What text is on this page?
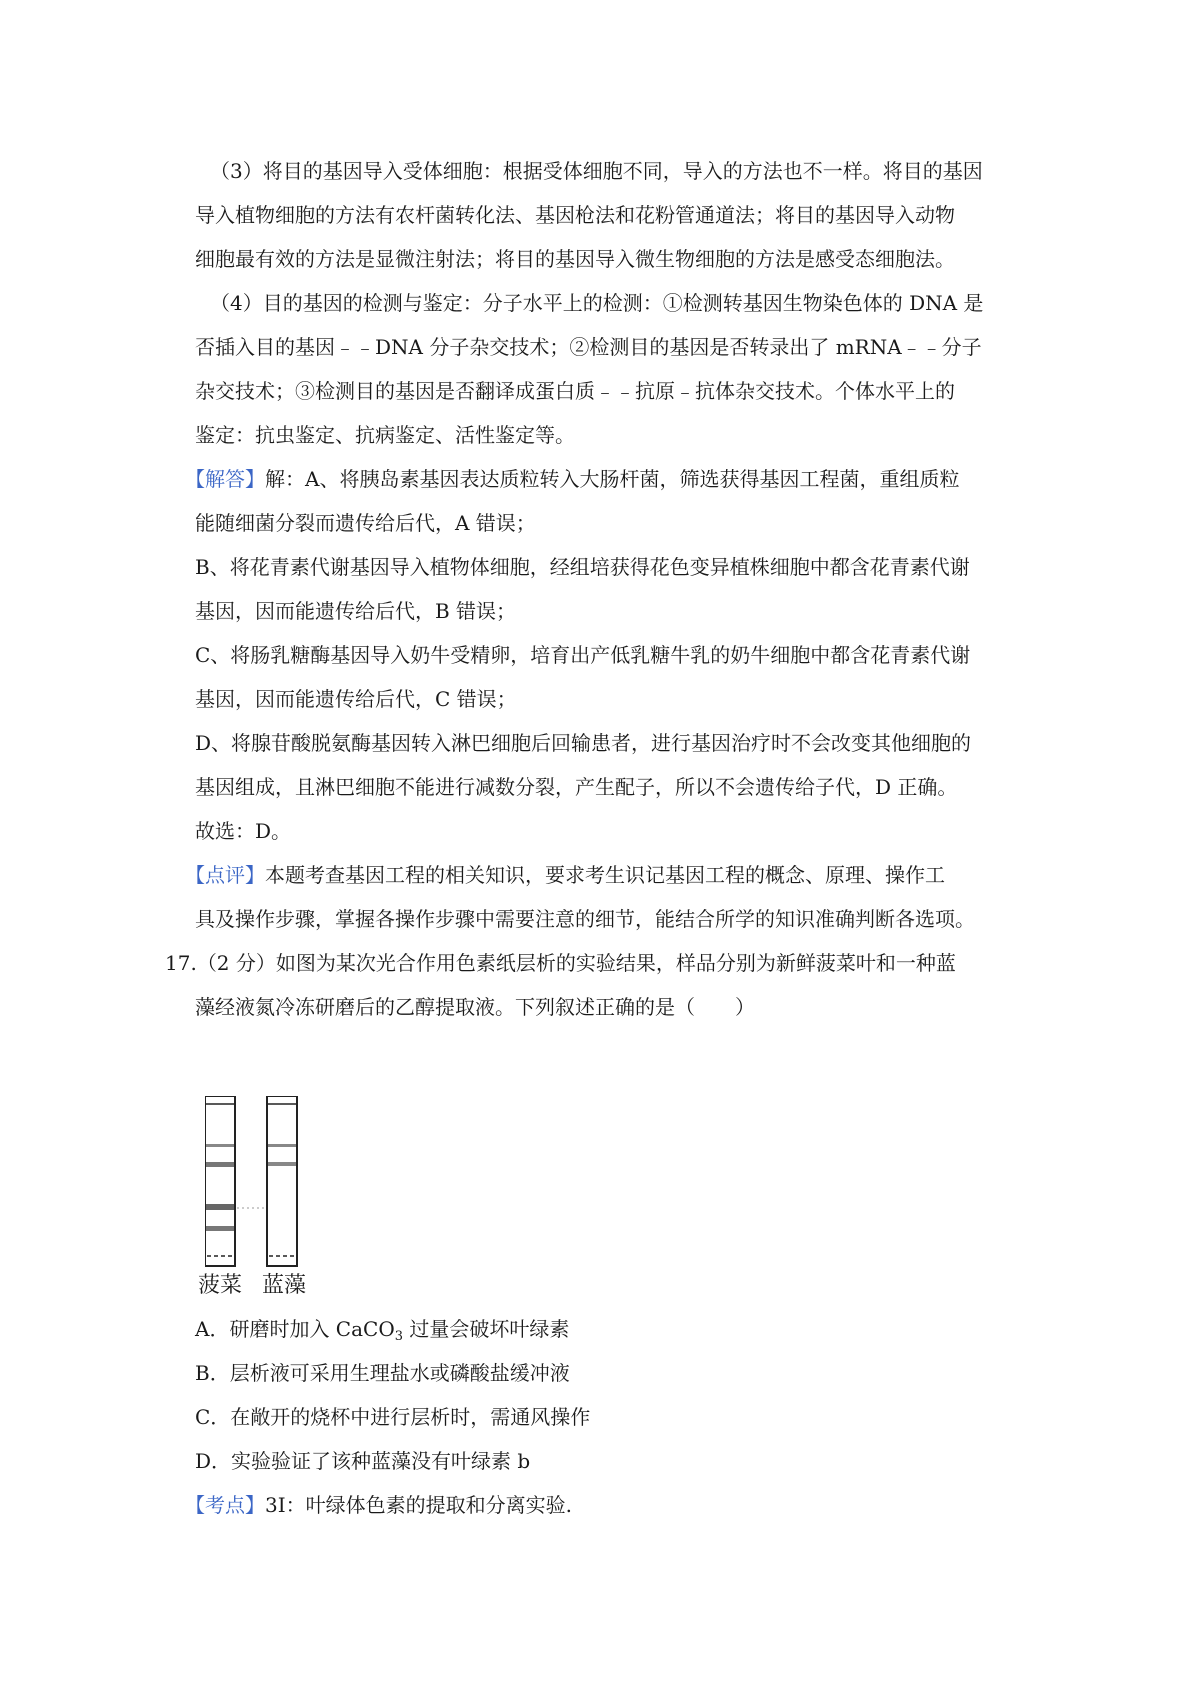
（3）将目的基因导入受体细胞：根据受体细胞不同，导入的方法也不一样。将目的基因
导入植物细胞的方法有农杆菌转化法、基因枪法和花粉管通道法；将目的基因导入动物
细胞最有效的方法是显微注射法；将目的基因导入微生物细胞的方法是感受态细胞法。
（4）目的基因的检测与鉴定：分子水平上的检测：①检测转基因生物染色体的 DNA 是
否插入目的基因﹣﹣DNA 分子杂交技术；②检测目的基因是否转录出了 mRNA﹣﹣分子
杂交技术；③检测目的基因是否翻译成蛋白质﹣﹣抗原﹣抗体杂交技术。个体水平上的
鉴定：抗虫鉴定、抗病鉴定、活性鉴定等。
【解答】解：A、将胰岛素基因表达质粒转入大肠杆菌，筛选获得基因工程菌，重组质粒
能随细菌分裂而遗传给后代，A 错误；
B、将花青素代谢基因导入植物体细胞，经组培获得花色变异植株细胞中都含花青素代谢
基因，因而能遗传给后代，B 错误；
C、将肠乳糖酶基因导入奶牛受精卵，培育出产低乳糖牛乳的奶牛细胞中都含花青素代谢
基因，因而能遗传给后代，C 错误；
D、将腺苷酸脱氨酶基因转入淋巴细胞后回输患者，进行基因治疗时不会改变其他细胞的
基因组成，且淋巴细胞不能进行减数分裂，产生配子，所以不会遗传给子代，D 正确。
故选：D。
【点评】本题考查基因工程的相关知识，要求考生识记基因工程的概念、原理、操作工
具及操作步骤，掌握各操作步骤中需要注意的细节，能结合所学的知识准确判断各选项。
17.（2 分）如图为某次光合作用色素纸层析的实验结果，样品分别为新鲜菠菜叶和一种蓝
藻经液氮冷冻研磨后的乙醇提取液。下列叙述正确的是（　　）
菠菜 蓝藻
A．研磨时加入 CaCO$_3$ 过量会破坏叶绿素
B．层析液可采用生理盐水或磷酸盐缓冲液
C．在敞开的烧杯中进行层析时，需通风操作
D．实验验证了该种蓝藻没有叶绿素 b
【考点】3I：叶绿体色素的提取和分离实验.
